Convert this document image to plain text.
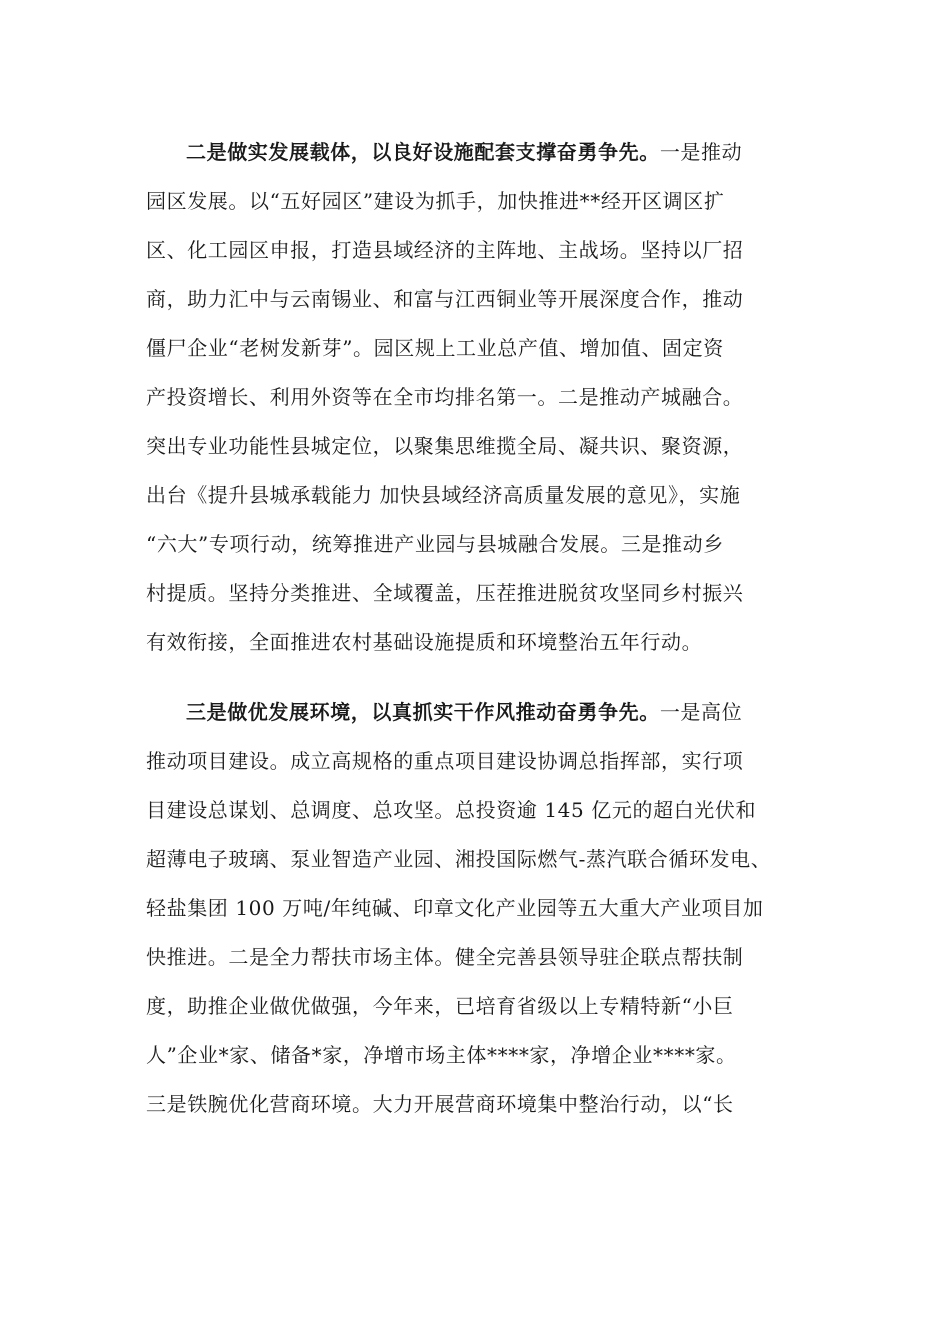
二是做实发展载体，以良好设施配套支撑奋勇争先。一是推动
园区发展。以“五好园区”建设为抓手，加快推进**经开区调区扩
区、化工园区申报，打造县域经济的主阵地、主战场。坚持以厂招
商，助力汇中与云南锡业、和富与江西铜业等开展深度合作，推动
僵尸企业“老树发新芽”。园区规上工业总产值、增加值、固定资
产投资增长、利用外资等在全市均排名第一。二是推动产城融合。
突出专业功能性县城定位，以聚集思维揽全局、凝共识、聚资源，
出台《提升县城承载能力 加快县域经济高质量发展的意见》，实施
“六大”专项行动，统筹推进产业园与县城融合发展。三是推动乡
村提质。坚持分类推进、全域覆盖，压茬推进脱贫攻坚同乡村振兴
有效衔接，全面推进农村基础设施提质和环境整治五年行动。
三是做优发展环境，以真抓实干作风推动奋勇争先。一是高位
推动项目建设。成立高规格的重点项目建设协调总指挥部，实行项
目建设总谋划、总调度、总攻坚。总投资逾 145 亿元的超白光伏和
超薄电子玻璃、泵业智造产业园、湘投国际燃气-蒸汽联合循环发电、
轻盐集团 100 万吨/年纯碱、印章文化产业园等五大重大产业项目加
快推进。二是全力帮扶市场主体。健全完善县领导驻企联点帮扶制
度，助推企业做优做强，今年来，已培育省级以上专精特新“小巨
人”企业*家、储备*家，净增市场主体****家，净增企业****家。
三是铁腕优化营商环境。大力开展营商环境集中整治行动，以“长
